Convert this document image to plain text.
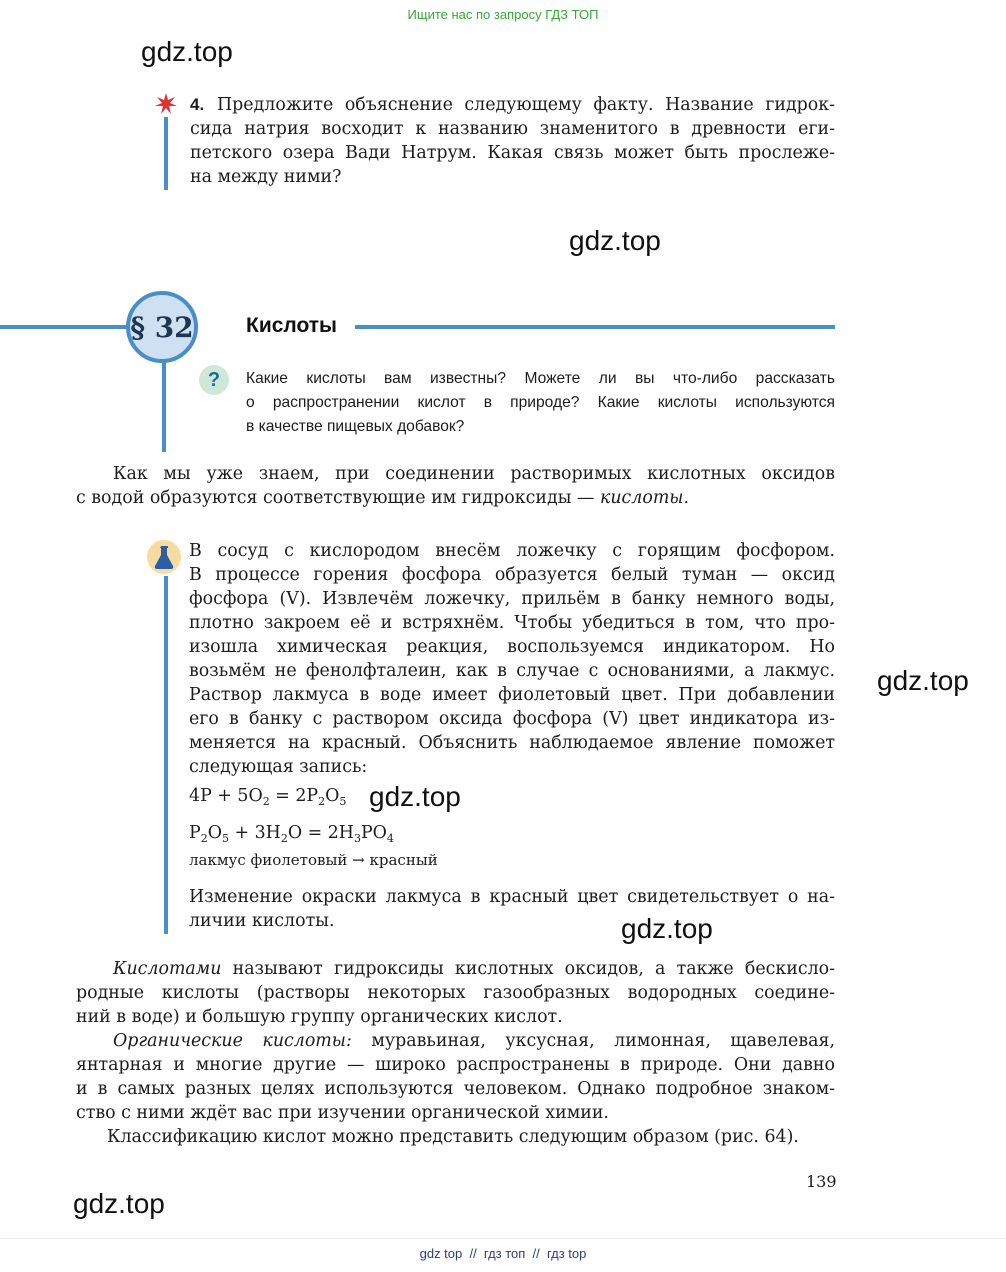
Ищите нас по запросу ГДЗ ТОП
gdz.top
gdz.top
gdz.top
gdz.top
gdz.top
gdz.top
4. Предложите объяснение следующему факту. Название гидрок-
сида натрия восходит к названию знаменитого в древности еги-
петского озера Вади Натрум. Какая связь может быть прослеже-
на между ними?
§ 32 Кислоты
?	Какие кислоты вам известны? Можете ли вы что-либо рассказать
о распространении кислот в природе? Какие кислоты используются
в качестве пищевых добавок?
Как мы уже знаем, при соединении растворимых кислотных оксидов
с водой образуются соответствующие им гидроксиды — кислоты.
В сосуд с кислородом внесём ложечку с горящим фосфором.
В процессе горения фосфора образуется белый туман — оксид
фосфора (V). Извлечём ложечку, прильём в банку немного воды,
плотно закроем её и встряхнём. Чтобы убедиться в том, что про-
изошла химическая реакция, воспользуемся индикатором. Но
возьмём не фенолфталеин, как в случае с основаниями, а лакмус.
Раствор лакмуса в воде имеет фиолетовый цвет. При добавлении
его в банку с раствором оксида фосфора (V) цвет индикатора из-
меняется на красный. Объяснить наблюдаемое явление поможет
следующая запись:
$4P + 5O_2 = 2P_2O_5$
$P_2O_5 + 3H_2O = 2H_3PO_4$
лакмус фиолетовый → красный
Изменение окраски лакмуса в красный цвет свидетельствует о на-
личии кислоты.
Кислотами называют гидроксиды кислотных оксидов, а также бескисло-
родные кислоты (растворы некоторых газообразных водородных соедине-
ний в воде) и большую группу органических кислот.
Органические кислоты: муравьиная, уксусная, лимонная, щавелевая,
янтарная и многие другие — широко распространены в природе. Они давно
и в самых разных целях используются человеком. Однако подробное знаком-
ство с ними ждёт вас при изучении органической химии.
Классификацию кислот можно представить следующим образом (рис. 64).
139
gdz top  //  гдз топ  //  гдз top
